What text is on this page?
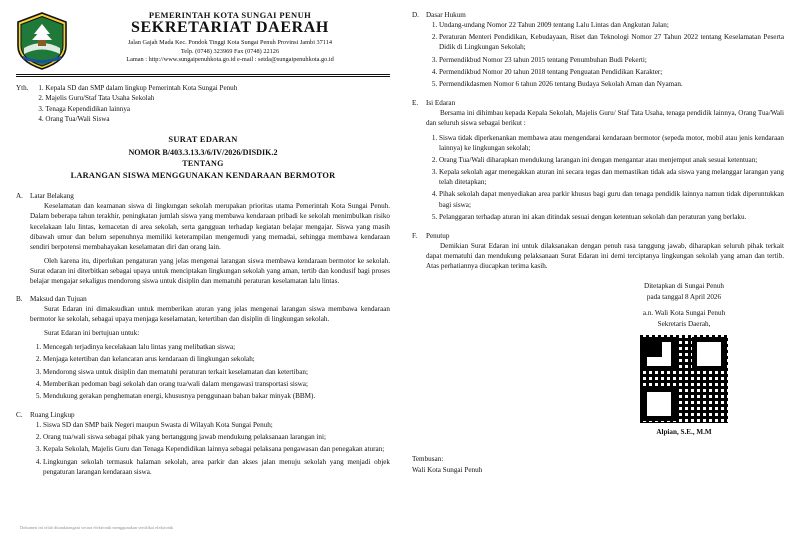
PEMERINTAH KOTA SUNGAI PENUH
SEKRETARIAT DAERAH
Jalan Gajah Mada Kec. Pondok Tinggi Kota Sungai Penuh Provinsi Jambi 37114
Telp. (0748) 323969 Fax (0748) 22126
Laman : http://www.sungaipenuhkota.go.id e-mail : setda@sungaipenuhkota.go.id
Yth. 1. Kepala SD dan SMP dalam lingkup Pemerintah Kota Sungai Penuh
2. Majelis Guru/Staf Tata Usaha Sekolah
3. Tenaga Kependidikan lainnya
4. Orang Tua/Wali Siswa
SURAT EDARAN
NOMOR B/403.3.13.3/6/IV/2026/DISDIK.2
TENTANG
LARANGAN SISWA MENGGUNAKAN KENDARAAN BERMOTOR
A. Latar Belakang

Keselamatan dan keamanan siswa di lingkungan sekolah merupakan prioritas utama Pemerintah Kota Sungai Penuh. Dalam beberapa tahun terakhir, peningkatan jumlah siswa yang membawa kendaraan pribadi ke sekolah menimbulkan risiko kecelakaan lalu lintas, kemacetan di area sekolah, serta gangguan terhadap kegiatan belajar mengajar. Siswa yang masih dibawah umur dan belum sepenuhnya memiliki keterampilan mengemudi yang memadai, sehingga membawa kendaraan sendiri berpotensi membahayakan keselamatan diri dan orang lain.

Oleh karena itu, diperlukan pengaturan yang jelas mengenai larangan siswa membawa kendaraan bermotor ke sekolah. Surat edaran ini diterbitkan sebagai upaya untuk menciptakan lingkungan sekolah yang aman, tertib dan kondusif bagi proses belajar mengajar sekaligus mendorong siswa untuk disiplin dan mematuhi peraturan keselamatan lalu lintas.

B.	Maksud dan Tujuan

Surat Edaran ini dimaksudkan untuk memberikan aturan yang jelas mengenai larangan siswa membawa kendaraan bermotor ke sekolah, sebagai upaya menjaga keselamatan, ketertiban dan disiplin di lingkungan sekolah.

Surat Edaran ini bertujuan untuk:

1. Mencegah terjadinya kecelakaan lalu lintas yang melibatkan siswa;
2. Menjaga ketertiban dan kelancaran arus kendaraan di lingkungan sekolah;
3. Mendorong siswa untuk disiplin dan mematuhi peraturan terkait keselamatan dan ketertiban;
4. Memberikan pedoman bagi sekolah dan orang tua/wali dalam mengawasi transportasi siswa;
5. Mendukung gerakan penghematan energi, khususnya penggunaan bahan bakar minyak (BBM).
C.	Ruang Lingkup
1. Siswa SD dan SMP baik Negeri maupun Swasta di Wilayah Kota Sungai Penuh;
2. Orang tua/wali siswa sebagai pihak yang bertanggung jawab mendukung pelaksanaan larangan ini;
3. Kepala Sekolah, Majelis Guru dan Tenaga Kependidikan lainnya sebagai pelaksana pengawasan dan penegakan aturan;
4. Lingkungan sekolah termasuk halaman sekolah, area parkir dan akses jalan menuju sekolah yang menjadi objek pengaturan larangan kendaraan siswa.
Dokumen ini telah ditandatangani secara elektronik menggunakan sertifikat elektronik
D. Dasar Hukum
1. Undang-undang Nomor 22 Tahun 2009 tentang Lalu Lintas dan Angkutan Jalan;
2. Peraturan Menteri Pendidikan, Kebudayaan, Riset dan Teknologi Nomor 27 Tahun 2022 tentang Keselamatan Peserta Didik di Lingkungan Sekolah;
3. Permendikbud Nomor 23 tahun 2015 tentang Penumbuhan Budi Pekerti;
4. Permendikbud Nomor 20 tahun 2018 tentang Penguatan Pendidikan Karakter;
5. Permendikdasmen Nomor 6 tahun 2026 tentang Budaya Sekolah Aman dan Nyaman.
E.	Isi Edaran

Bersama ini dihimbau kepada Kepala Sekolah, Majelis Guru/ Staf Tata Usaha, tenaga pendidik lainnya, Orang Tua/Wali dan seluruh siswa sebagai berikut :

1. Siswa tidak diperkenankan membawa atau mengendarai kendaraan bermotor (sepeda motor, mobil atau jenis kendaraan lainnya) ke lingkungan sekolah;
2. Orang Tua/Wali diharapkan mendukung larangan ini dengan mengantar atau menjemput anak sesuai ketentuan;
3. Kepala sekolah agar menegakkan aturan ini secara tegas dan memastikan tidak ada siswa yang melanggar larangan yang telah ditetapkan;
4. Pihak sekolah dapat menyediakan area parkir khusus bagi guru dan tenaga pendidik lainnya namun tidak diperuntukkan bagi siswa;
5. Pelanggaran terhadap aturan ini akan ditindak sesuai dengan ketentuan sekolah dan peraturan yang berlaku.
F.	Penutup

Demikian Surat Edaran ini untuk dilaksanakan dengan penuh rasa tanggung jawab, diharapkan seluruh pihak terkait dapat mematuhi dan mendukung pelaksanaan Surat Edaran ini demi terciptanya lingkungan sekolah yang aman dan tertib. Atas perhatiannya diucapkan terima kasih.

Ditetapkan di Sungai Penuh
pada tanggal 8 April 2026
a.n. Wali Kota Sungai Penuh
Sekretaris Daerah,
Alpian, S.E., M.M
Tembusan:
Wali Kota Sungai Penuh
